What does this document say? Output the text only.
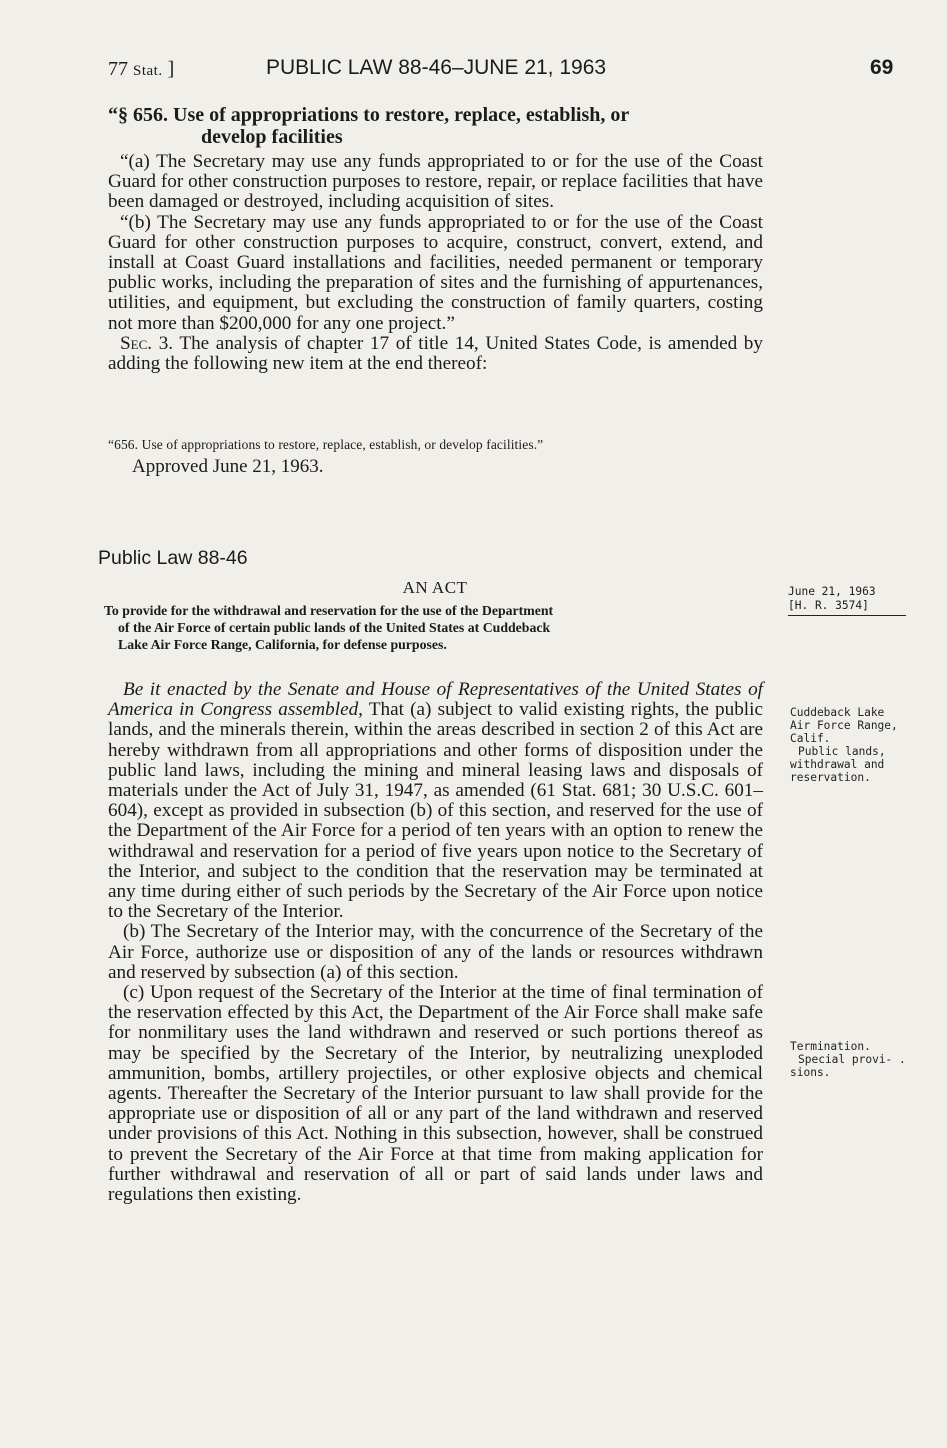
77 Stat. ]	PUBLIC LAW 88-46–JUNE 21, 1963	69
“§ 656. Use of appropriations to restore, replace, establish, or
develop facilities

“(a) The Secretary may use any funds appropriated to or for the use of the Coast Guard for other construction purposes to restore, repair, or replace facilities that have been damaged or destroyed, including acquisition of sites.

“(b) The Secretary may use any funds appropriated to or for the use of the Coast Guard for other construction purposes to acquire, construct, convert, extend, and install at Coast Guard installations and facilities, needed permanent or temporary public works, including the preparation of sites and the furnishing of appurtenances, utilities, and equipment, but excluding the construction of family quarters, costing not more than $200,000 for any one project.”

Sec. 3. The analysis of chapter 17 of title 14, United States Code, is amended by adding the following new item at the end thereof:

“656. Use of appropriations to restore, replace, establish, or develop facilities.”
Approved June 21, 1963.
Public Law 88-46
AN ACT
To provide for the withdrawal and reservation for the use of the Department

of the Air Force of certain public lands of the United States at Cuddeback
Lake Air Force Range, California, for defense purposes.

Be it enacted by the Senate and House of Representatives of the United States of America in Congress assembled, That (a) subject to valid existing rights, the public lands, and the minerals therein, within the areas described in section 2 of this Act are hereby withdrawn from all appropriations and other forms of disposition under the public land laws, including the mining and mineral leasing laws and disposals of materials under the Act of July 31, 1947, as amended (61 Stat. 681; 30 U.S.C. 601–604), except as provided in subsection (b) of this section, and reserved for the use of the Department of the Air Force for a period of ten years with an option to renew the withdrawal and reservation for a period of five years upon notice to the Secretary of the Interior, and subject to the condition that the reservation may be terminated at any time during either of such periods by the Secretary of the Air Force upon notice to the Secretary of the Interior.

(b) The Secretary of the Interior may, with the concurrence of the Secretary of the Air Force, authorize use or disposition of any of the lands or resources withdrawn and reserved by subsection (a) of this section.

(c) Upon request of the Secretary of the Interior at the time of final termination of the reservation effected by this Act, the Department of the Air Force shall make safe for nonmilitary uses the land withdrawn and reserved or such portions thereof as may be specified by the Secretary of the Interior, by neutralizing unexploded ammunition, bombs, artillery projectiles, or other explosive objects and chemical agents. Thereafter the Secretary of the Interior pursuant to law shall provide for the appropriate use or disposition of all or any part of the land withdrawn and reserved under provisions of this Act. Nothing in this subsection, however, shall be construed to prevent the Secretary of the Air Force at that time from making application for further withdrawal and reservation of all or part of said lands under laws and regulations then existing.

June 21, 1963
[H. R. 3574]
Cuddeback Lake
Air Force Range,
Calif.
Public lands,
withdrawal and
reservation.
Termination.
Special provi- .
sions.
